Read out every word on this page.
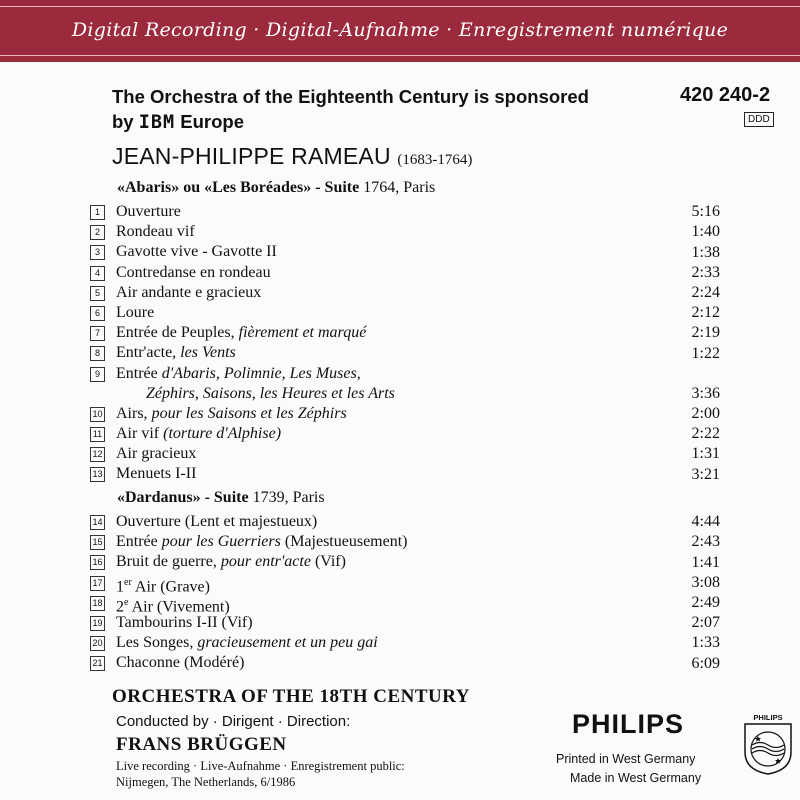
Digital Recording · Digital-Aufnahme · Enregistrement numérique
The Orchestra of the Eighteenth Century is sponsored
by IBM Europe
420 240-2
DDD
JEAN-PHILIPPE RAMEAU (1683-1764)
«Abaris» ou «Les Boréades» - Suite 1764, Paris
1	Ouverture	5:16
2	Rondeau vif	1:40
3	Gavotte vive - Gavotte II	1:38
4	Contredanse en rondeau	2:33
5	Air andante e gracieux	2:24
6	Loure	2:12
7	Entrée de Peuples, fièrement et marqué	2:19
8	Entr'acte, les Vents	1:22
9	Entrée d'Abaris, Polimnie, Les Muses,
Zéphirs, Saisons, les Heures et les Arts	3:36
10 Airs, pour les Saisons et les Zéphirs	2:00
11 Air vif (torture d'Alphise)	2:22
12 Air gracieux	1:31
13 Menuets I-II	3:21
«Dardanus» - Suite 1739, Paris
14 Ouverture (Lent et majestueux)	4:44
15 Entrée pour les Guerriers (Majestueusement)	2:43
16 Bruit de guerre, pour entr'acte (Vif)	1:41
17 1er Air (Grave)	3:08
18 2e Air (Vivement)	2:49
19 Tambourins I-II (Vif)	2:07
20 Les Songes, gracieusement et un peu gai	1:33
21 Chaconne (Modéré)	6:09
ORCHESTRA OF THE 18TH CENTURY
Conducted by · Dirigent · Direction:
FRANS BRÜGGEN
Live recording · Live-Aufnahme · Enregistrement public:
Nijmegen, The Netherlands, 6/1986
PHILIPS
Printed in West Germany
Made in West Germany
PHILIPS
